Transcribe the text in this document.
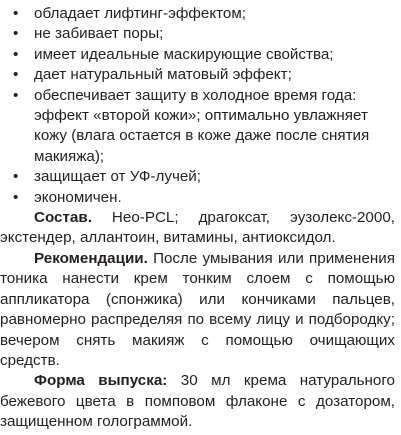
• обладает лифтинг-эффектом;
• не забивает поры;
• имеет идеальные маскирующие свойства;
• дает натуральный матовый эффект;
• обеспечивает защиту в холодное время года: эффект «второй кожи»; оптимально увлажняет кожу (влага остается в коже даже после снятия макияжа);
• защищает от УФ-лучей;
• экономичен.

Состав. Нео-PCL; драгоксат, эузолекс-2000, экстендер, аллантоин, витамины, антиоксидол.

Рекомендации. После умывания или применения тоника нанести крем тонким слоем с помощью аппликатора (спонжика) или кончиками пальцев, равномерно распределяя по всему лицу и подбородку; вечером снять макияж с помощью очищающих средств.

Форма выпуска: 30 мл крема натурального бежевого цвета в помповом флаконе с дозатором, защищенном голограммой.
